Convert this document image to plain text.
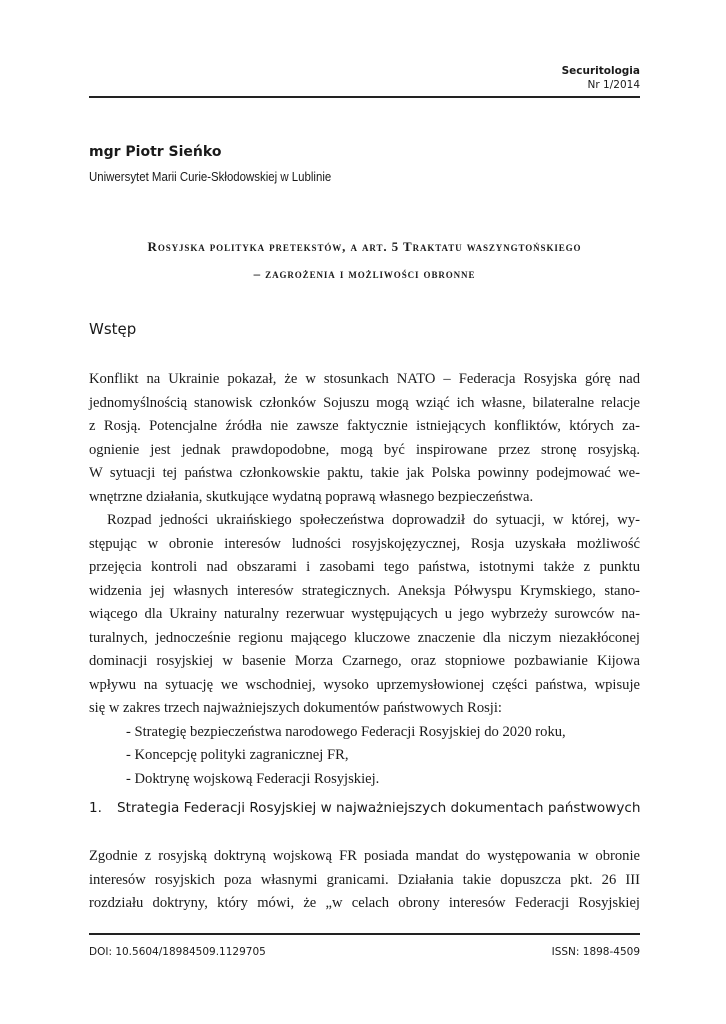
Securitologia
Nr 1/2014
mgr Piotr Sieńko
Uniwersytet Marii Curie-Skłodowskiej w Lublinie
Rosyjska polityka pretekstów, a art. 5 Traktatu waszyngtońskiego
– zagrożenia i możliwości obronne
Wstęp
Konflikt na Ukrainie pokazał, że w stosunkach NATO – Federacja Rosyjska górę nad
jednomyślnością stanowisk członków Sojuszu mogą wziąć ich własne, bilateralne relacje
z Rosją. Potencjalne źródła nie zawsze faktycznie istniejących konfliktów, których za-
ognienie jest jednak prawdopodobne, mogą być inspirowane przez stronę rosyjską.
W sytuacji tej państwa członkowskie paktu, takie jak Polska powinny podejmować we-
wnętrzne działania, skutkujące wydatną poprawą własnego bezpieczeństwa.
Rozpad jedności ukraińskiego społeczeństwa doprowadził do sytuacji, w której, wy-
stępując w obronie interesów ludności rosyjskojęzycznej, Rosja uzyskała możliwość
przejęcia kontroli nad obszarami i zasobami tego państwa, istotnymi także z punktu
widzenia jej własnych interesów strategicznych. Aneksja Półwyspu Krymskiego, stano-
wiącego dla Ukrainy naturalny rezerwuar występujących u jego wybrzeży surowców na-
turalnych, jednocześnie regionu mającego kluczowe znaczenie dla niczym niezakłóconej
dominacji rosyjskiej w basenie Morza Czarnego, oraz stopniowe pozbawianie Kijowa
wpływu na sytuację we wschodniej, wysoko uprzemysłowionej części państwa, wpisuje
się w zakres trzech najważniejszych dokumentów państwowych Rosji:
- Strategię bezpieczeństwa narodowego Federacji Rosyjskiej do 2020 roku,
- Koncepcję polityki zagranicznej FR,
- Doktrynę wojskową Federacji Rosyjskiej.
1. Strategia Federacji Rosyjskiej w najważniejszych dokumentach państwowych
Zgodnie z rosyjską doktryną wojskową FR posiada mandat do występowania w obronie
interesów rosyjskich poza własnymi granicami. Działania takie dopuszcza pkt. 26 III
rozdziału doktryny, który mówi, że „w celach obrony interesów Federacji Rosyjskiej
DOI: 10.5604/18984509.1129705	ISSN: 1898-4509
